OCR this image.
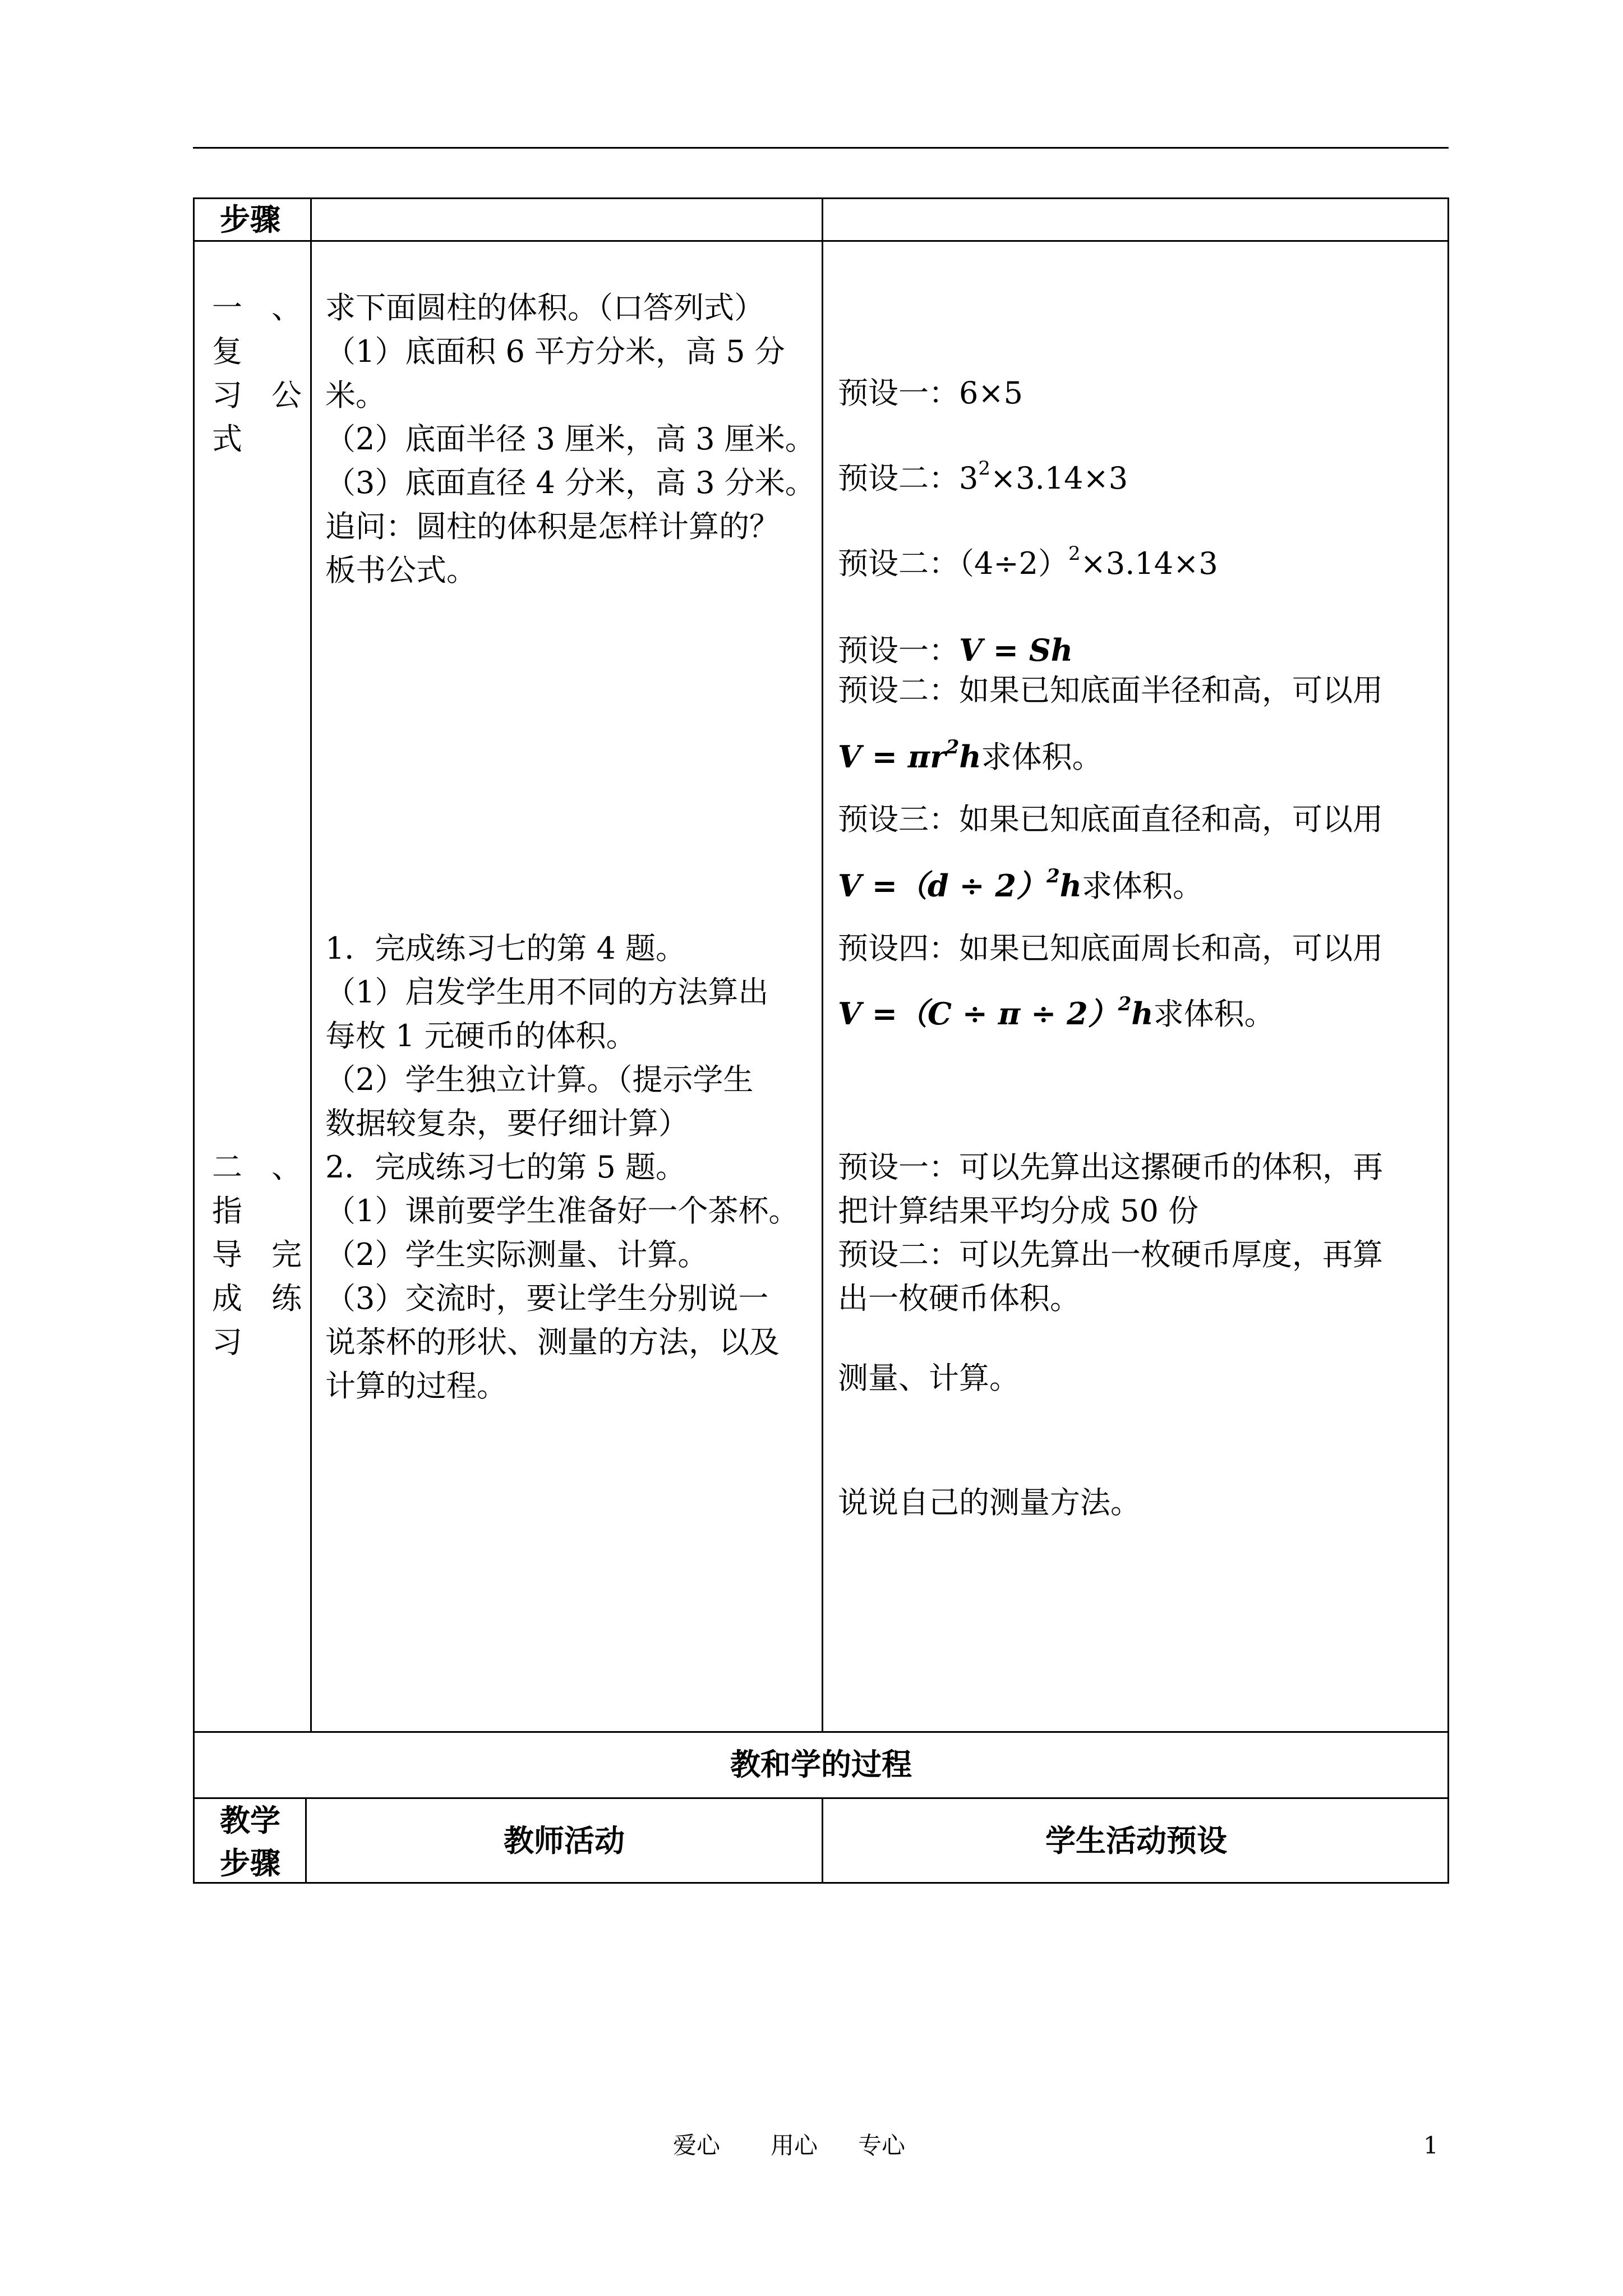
步骤
一、复
习 公
式
求下面圆柱的体积。（口答列式）
（1）底面积 6 平方分米，高 5 分
米。
（2）底面半径 3 厘米，高 3 厘米。
（3）底面直径 4 分米，高 3 分米。
追问：圆柱的体积是怎样计算的？
板书公式。
预设一：6×5
预设二：$3^2\times 3.14\times 3$
预设二：$(4\div 2)^2\times 3.14\times 3$
预设一：V = Sh
预设二：如果已知底面半径和高，可以用
$V = \pi r^2h$求体积。
预设三：如果已知底面直径和高，可以用
$V =(d \div 2)^2h$求体积。
预设四：如果已知底面周长和高，可以用
$V =(C \div \pi \div 2)^2h$求体积。
1．完成练习七的第 4 题。
（1）启发学生用不同的方法算出
每枚 1 元硬币的体积。
（2）学生独立计算。（提示学生
数据较复杂，要仔细计算）
2．完成练习七的第 5 题。
（1）课前要学生准备好一个茶杯。
（2）学生实际测量、计算。
（3）交流时，要让学生分别说一
说茶杯的形状、测量的方法，以及
计算的过程。
二、指
导 完
成 练
习
预设一：可以先算出这摞硬币的体积，再
把计算结果平均分成 50 份
预设二：可以先算出一枚硬币厚度，再算
出一枚硬币体积。
测量、计算。
说说自己的测量方法。
教和学的过程
教学
步骤
教师活动	学生活动预设
爱心 用心 专心	1
